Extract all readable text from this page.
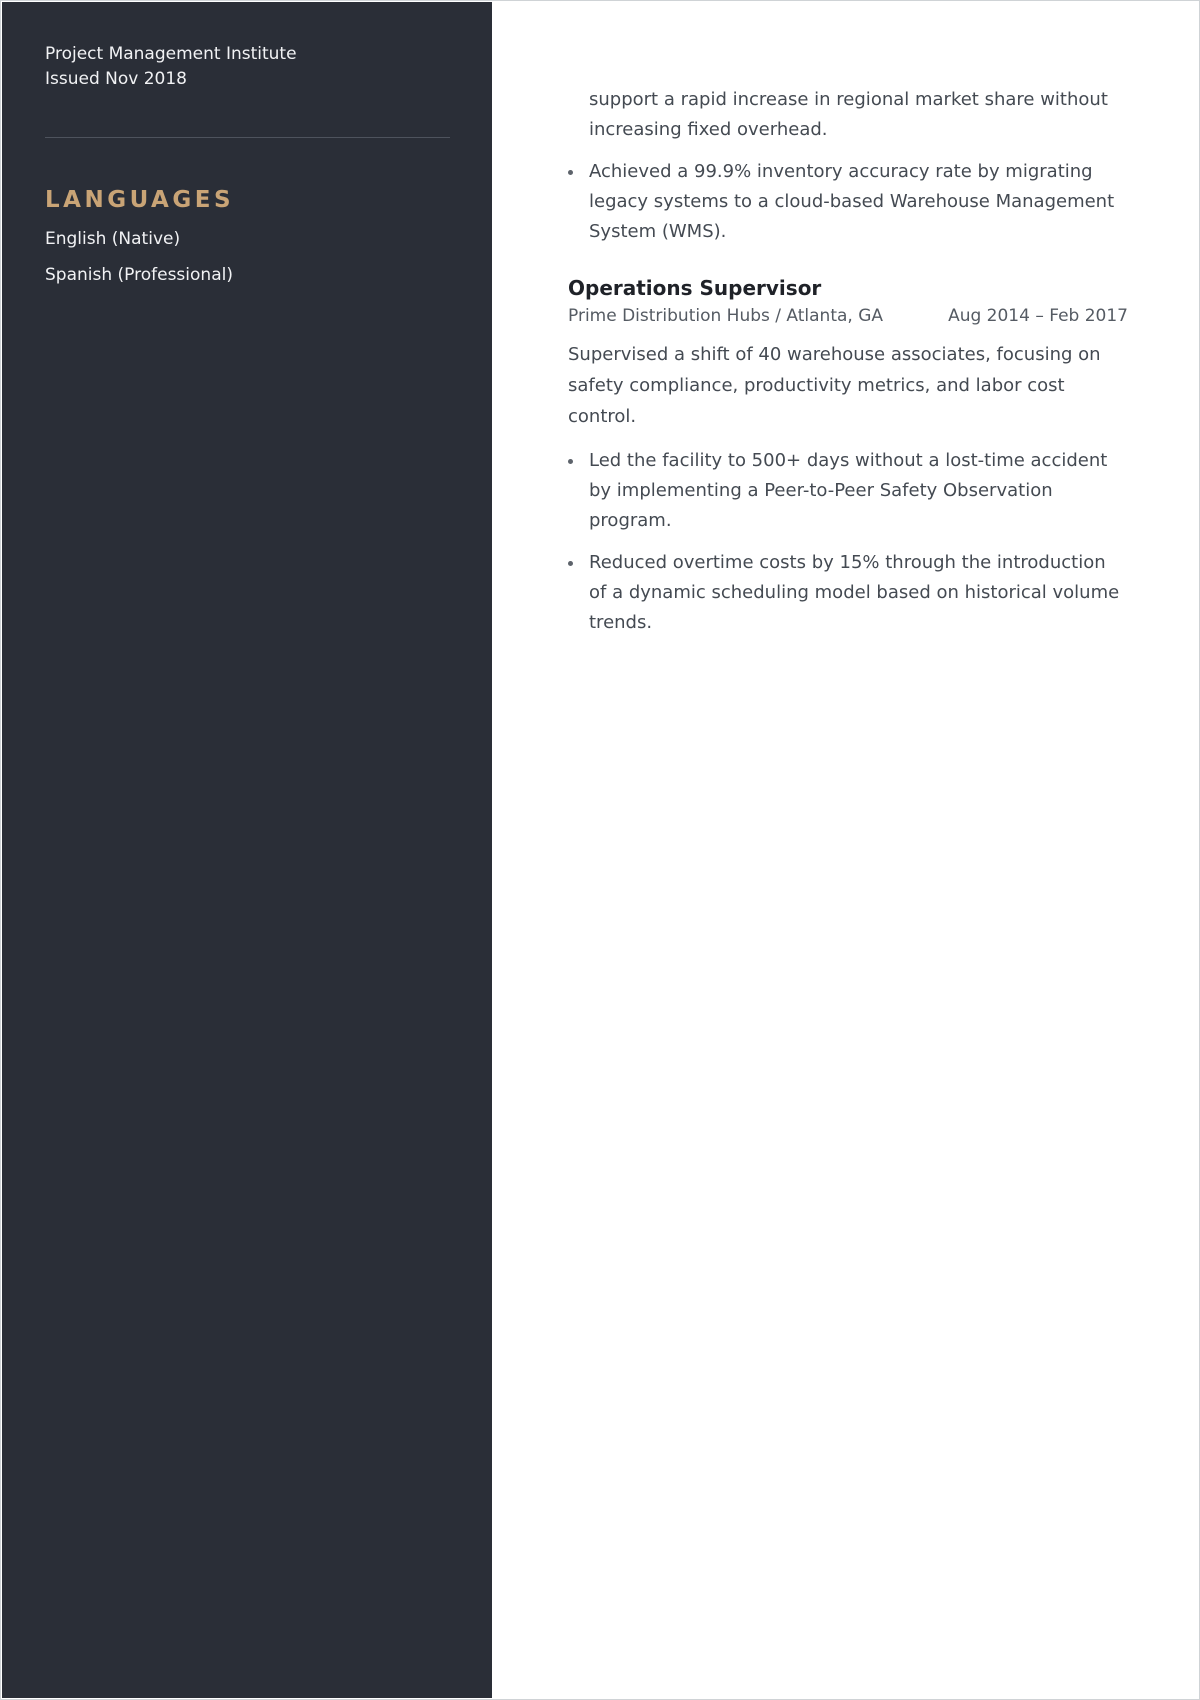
Project Management Institute
Issued Nov 2018
LANGUAGES
English (Native)
Spanish (Professional)

support a rapid increase in regional market share without increasing fixed overhead.

Achieved a 99.9% inventory accuracy rate by migrating legacy systems to a cloud-based Warehouse Management System (WMS).
Operations Supervisor
Prime Distribution Hubs / Atlanta, GA	Aug 2014 – Feb 2017

Supervised a shift of 40 warehouse associates, focusing on safety compliance, productivity metrics, and labor cost control.

Led the facility to 500+ days without a lost-time accident by implementing a Peer-to-Peer Safety Observation program.
Reduced overtime costs by 15% through the introduction of a dynamic scheduling model based on historical volume trends.
